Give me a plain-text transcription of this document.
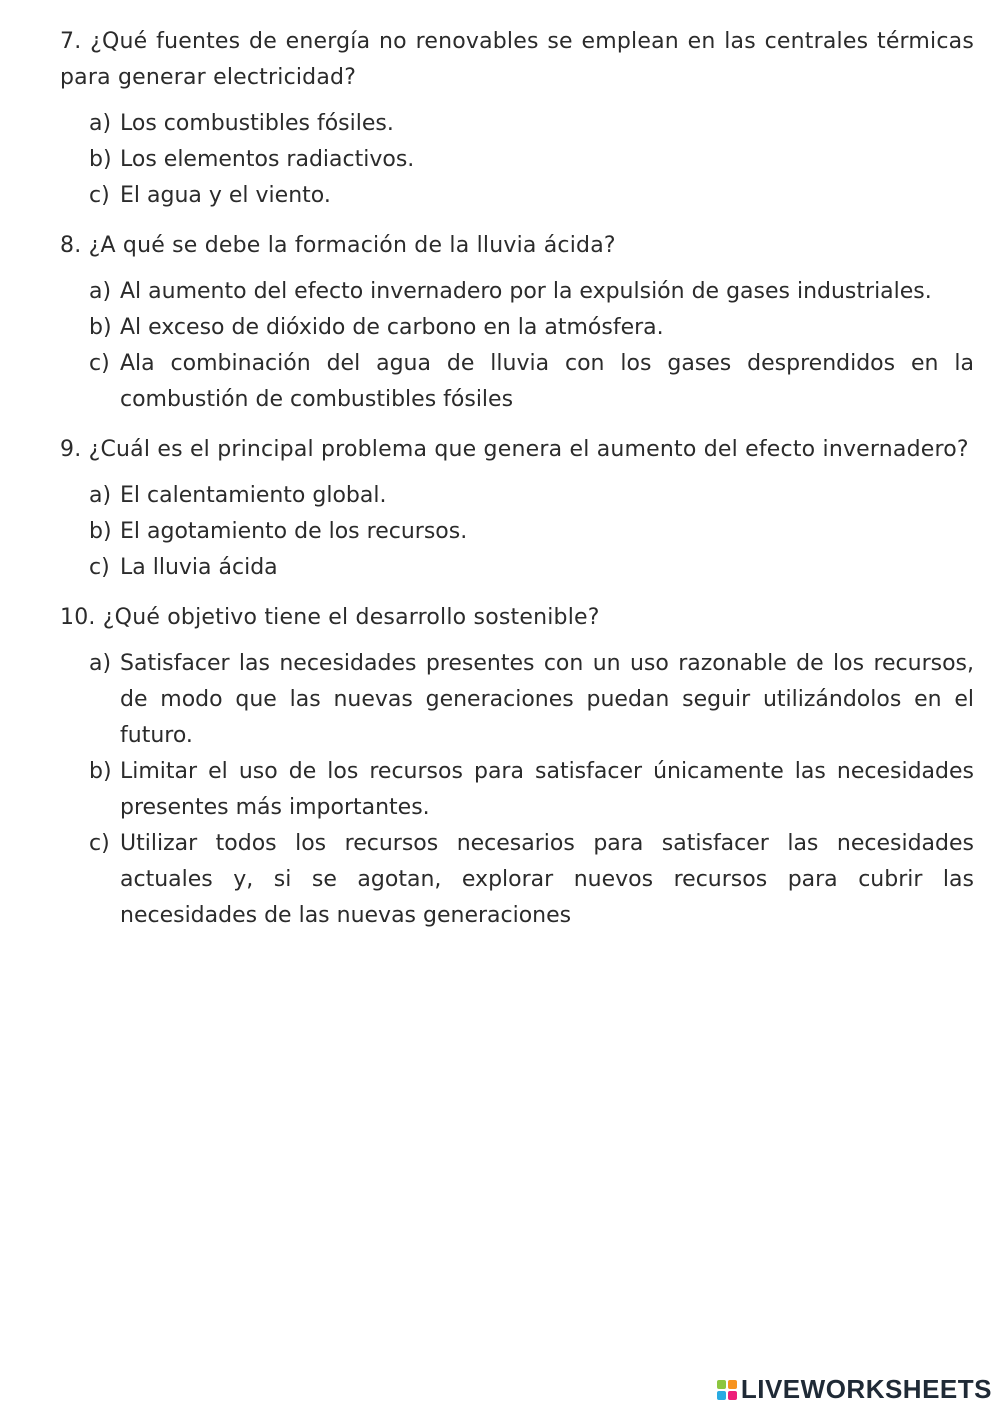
7. ¿Qué fuentes de energía no renovables se emplean en las centrales térmicas para generar electricidad?
a) Los combustibles fósiles.
b) Los elementos radiactivos.
c) El agua y el viento.
8. ¿A qué se debe la formación de la lluvia ácida?
a) Al aumento del efecto invernadero por la expulsión de gases industriales.
b) Al exceso de dióxido de carbono en la atmósfera.
c) Ala combinación del agua de lluvia con los gases desprendidos en la combustión de combustibles fósiles
9. ¿Cuál es el principal problema que genera el aumento del efecto invernadero?
a) El calentamiento global.
b) El agotamiento de los recursos.
c) La lluvia ácida
10. ¿Qué objetivo tiene el desarrollo sostenible?
a) Satisfacer las necesidades presentes con un uso razonable de los recursos, de modo que las nuevas generaciones puedan seguir utilizándolos en el futuro.
b) Limitar el uso de los recursos para satisfacer únicamente las necesidades presentes más importantes.
c) Utilizar todos los recursos necesarios para satisfacer las necesidades actuales y, si se agotan, explorar nuevos recursos para cubrir las necesidades de las nuevas generaciones
LIVEWORKSHEETS
